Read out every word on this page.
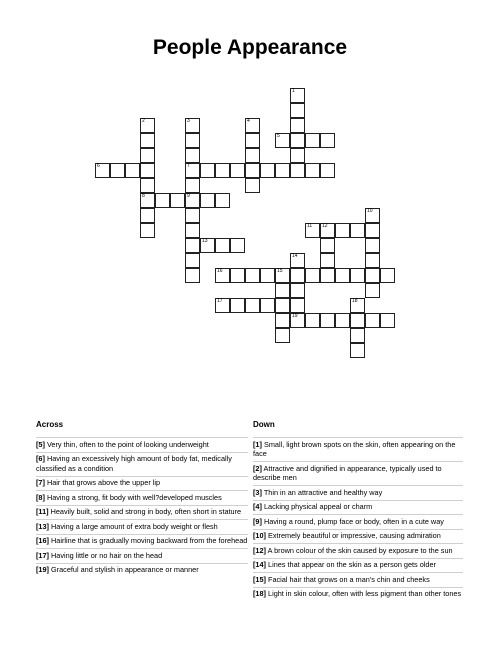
People Appearance
5
6	7
8	9
11 12
13
16	15
17
19
1
2	3	4
10
14
18
Across	Down
[5] Very thin, often to the point of looking underweight
[6] Having an excessively high amount of body fat, medically classified as a condition
[7] Hair that grows above the upper lip
[8] Having a strong, fit body with well?developed muscles
[11] Heavily built, solid and strong in body, often short in stature
[13] Having a large amount of extra body weight or flesh
[16] Hairline that is gradually moving backward from the forehead
[17] Having little or no hair on the head
[19] Graceful and stylish in appearance or manner
[1] Small, light brown spots on the skin, often appearing on the face
[2] Attractive and dignified in appearance, typically used to describe men
[3] Thin in an attractive and healthy way
[4] Lacking physical appeal or charm
[9] Having a round, plump face or body, often in a cute way
[10] Extremely beautiful or impressive, causing admiration
[12] A brown colour of the skin caused by exposure to the sun
[14] Lines that appear on the skin as a person gets older
[15] Facial hair that grows on a man’s chin and cheeks
[18] Light in skin colour, often with less pigment than other tones
